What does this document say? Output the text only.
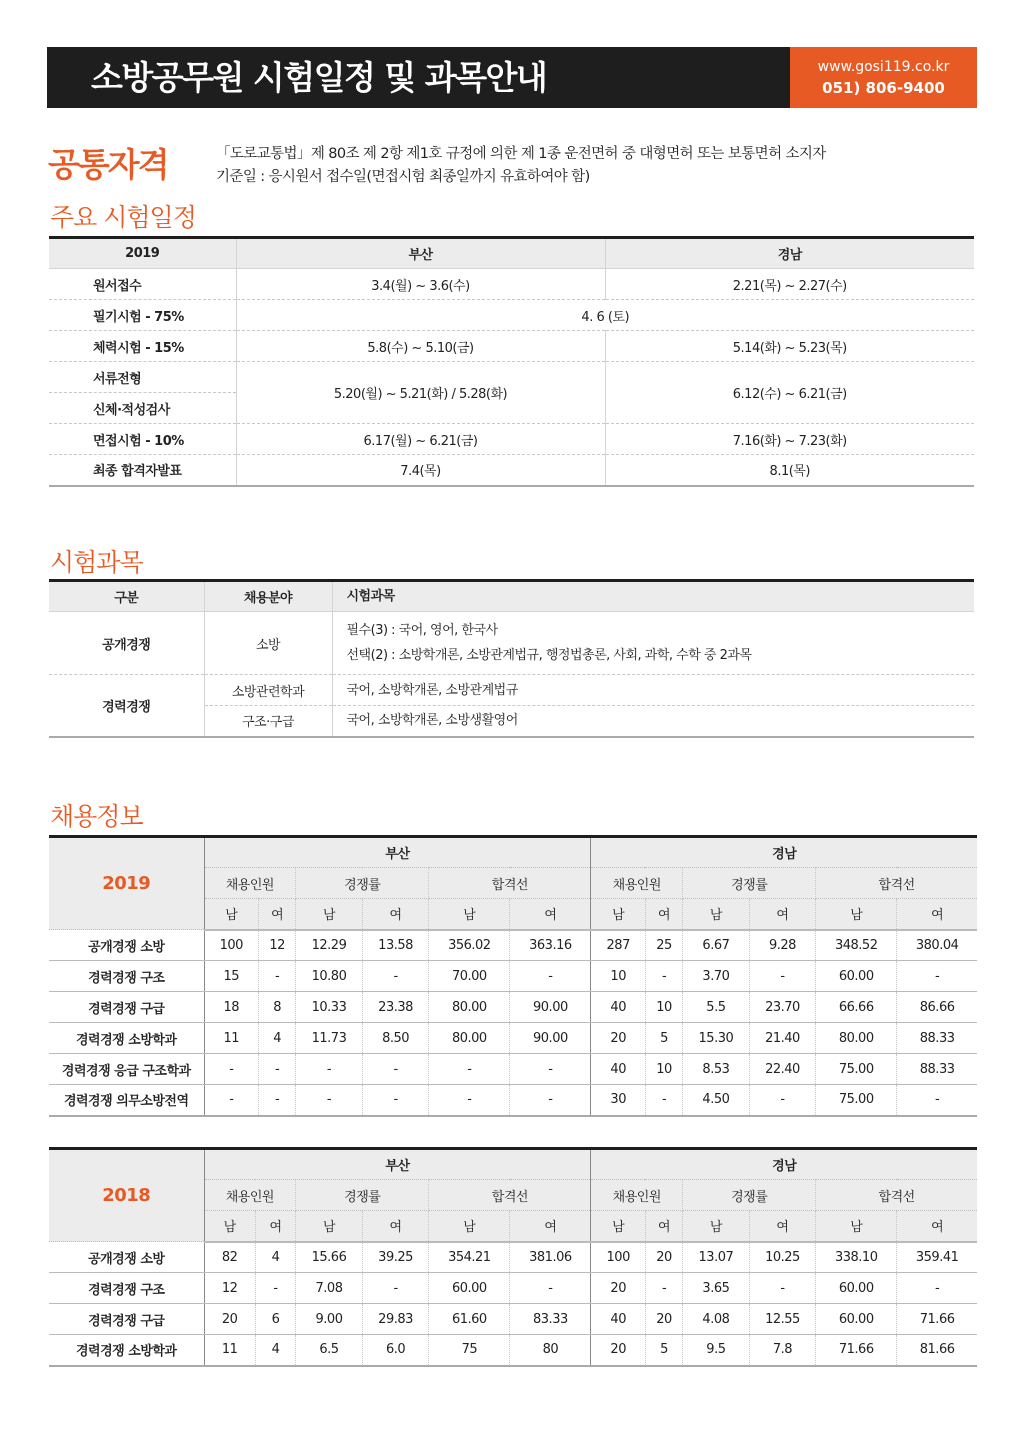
소방공무원 시험일정 및 과목안내	www.gosi119.co.kr
051) 806-9400
공통자격	「도로교통법」제 80조 제 2항 제1호 규정에 의한 제 1종 운전면허 중 대형면허 또는 보통면허 소지자
기준일 : 응시원서 접수일(면접시험 최종일까지 유효하여야 함)
주요 시험일정
2019	부산	경남
원서접수	3.4(월) ~ 3.6(수)	2.21(목) ~ 2.27(수)
필기시험 - 75%	4. 6 (토)	
체력시험 - 15%	5.8(수) ~ 5.10(금)	5.14(화) ~ 5.23(목)
서류전형	5.20(월) ~ 5.21(화) / 5.28(화)	6.12(수) ~ 6.21(금)
신체·적성검사		
면접시험 - 10%	6.17(월) ~ 6.21(금)	7.16(화) ~ 7.23(화)
최종 합격자발표	7.4(목)	8.1(목)
시험과목
구분	채용분야	시험과목
공개경쟁	소방	필수(3) : 국어, 영어, 한국사
선택(2) : 소방학개론, 소방관계법규, 행정법총론, 사회, 과학, 수학 중 2과목

경력경쟁	소방관련학과	국어, 소방학개론, 소방관계법규
	구조·구급	국어, 소방학개론, 소방생활영어
채용정보
2019	부산						경남					
	채용인원		경쟁률		합격선		채용인원		경쟁률		합격선	
	남	여	남	여	남	여	남	여	남	여	남	여
공개경쟁 소방	100	12	12.29	13.58	356.02	363.16	287	25	6.67	9.28	348.52	380.04
경력경쟁 구조	15	-	10.80	-	70.00	-	10	-	3.70	-	60.00	-
경력경쟁 구급	18	8	10.33	23.38	80.00	90.00	40	10	5.5	23.70	66.66	86.66
경력경쟁 소방학과	11	4	11.73	8.50	80.00	90.00	20	5	15.30	21.40	80.00	88.33
경력경쟁 응급 구조학과	-	-	-	-	-	-	40	10	8.53	22.40	75.00	88.33
경력경쟁 의무소방전역	-	-	-	-	-	-	30	-	4.50	-	75.00	-
2018	부산						경남					
	채용인원		경쟁률		합격선		채용인원		경쟁률		합격선	
	남	여	남	여	남	여	남	여	남	여	남	여
공개경쟁 소방	82	4	15.66	39.25	354.21	381.06	100	20	13.07	10.25	338.10	359.41
경력경쟁 구조	12	-	7.08	-	60.00	-	20	-	3.65	-	60.00	-
경력경쟁 구급	20	6	9.00	29.83	61.60	83.33	40	20	4.08	12.55	60.00	71.66
경력경쟁 소방학과	11	4	6.5	6.0	75	80	20	5	9.5	7.8	71.66	81.66
